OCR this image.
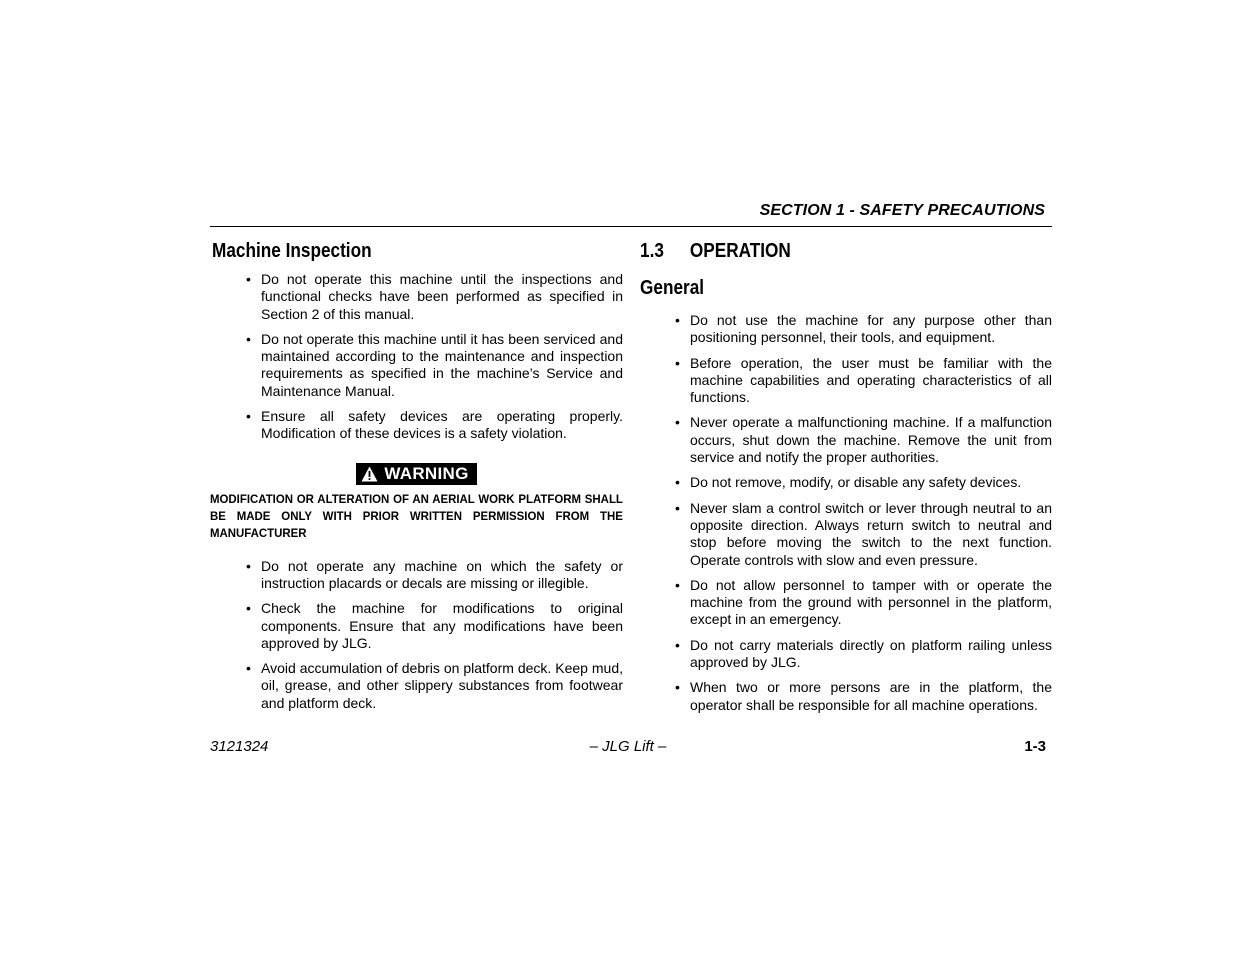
SECTION 1 - SAFETY PRECAUTIONS
Machine Inspection
• Do not operate this machine until the inspections and functional checks have been performed as specified in Section 2 of this manual.
• Do not operate this machine until it has been serviced and maintained according to the maintenance and inspection requirements as specified in the machine’s Service and Maintenance Manual.
• Ensure all safety devices are operating properly. Modification of these devices is a safety violation.
WARNING

MODIFICATION OR ALTERATION OF AN AERIAL WORK PLATFORM SHALL BE MADE ONLY WITH PRIOR WRITTEN PERMISSION FROM THE MANUFACTURER

• Do not operate any machine on which the safety or instruction placards or decals are missing or illegible.
• Check the machine for modifications to original components. Ensure that any modifications have been approved by JLG.
• Avoid accumulation of debris on platform deck. Keep mud, oil, grease, and other slippery substances from footwear and platform deck.
1.3	OPERATION
General
• Do not use the machine for any purpose other than positioning personnel, their tools, and equipment.
• Before operation, the user must be familiar with the machine capabilities and operating characteristics of all functions.
• Never operate a malfunctioning machine. If a malfunction occurs, shut down the machine. Remove the unit from service and notify the proper authorities.
• Do not remove, modify, or disable any safety devices.
• Never slam a control switch or lever through neutral to an opposite direction. Always return switch to neutral and stop before moving the switch to the next function. Operate controls with slow and even pressure.
• Do not allow personnel to tamper with or operate the machine from the ground with personnel in the platform, except in an emergency.
• Do not carry materials directly on platform railing unless approved by JLG.
• When two or more persons are in the platform, the operator shall be responsible for all machine operations.
3121324	– JLG Lift –	1-3
